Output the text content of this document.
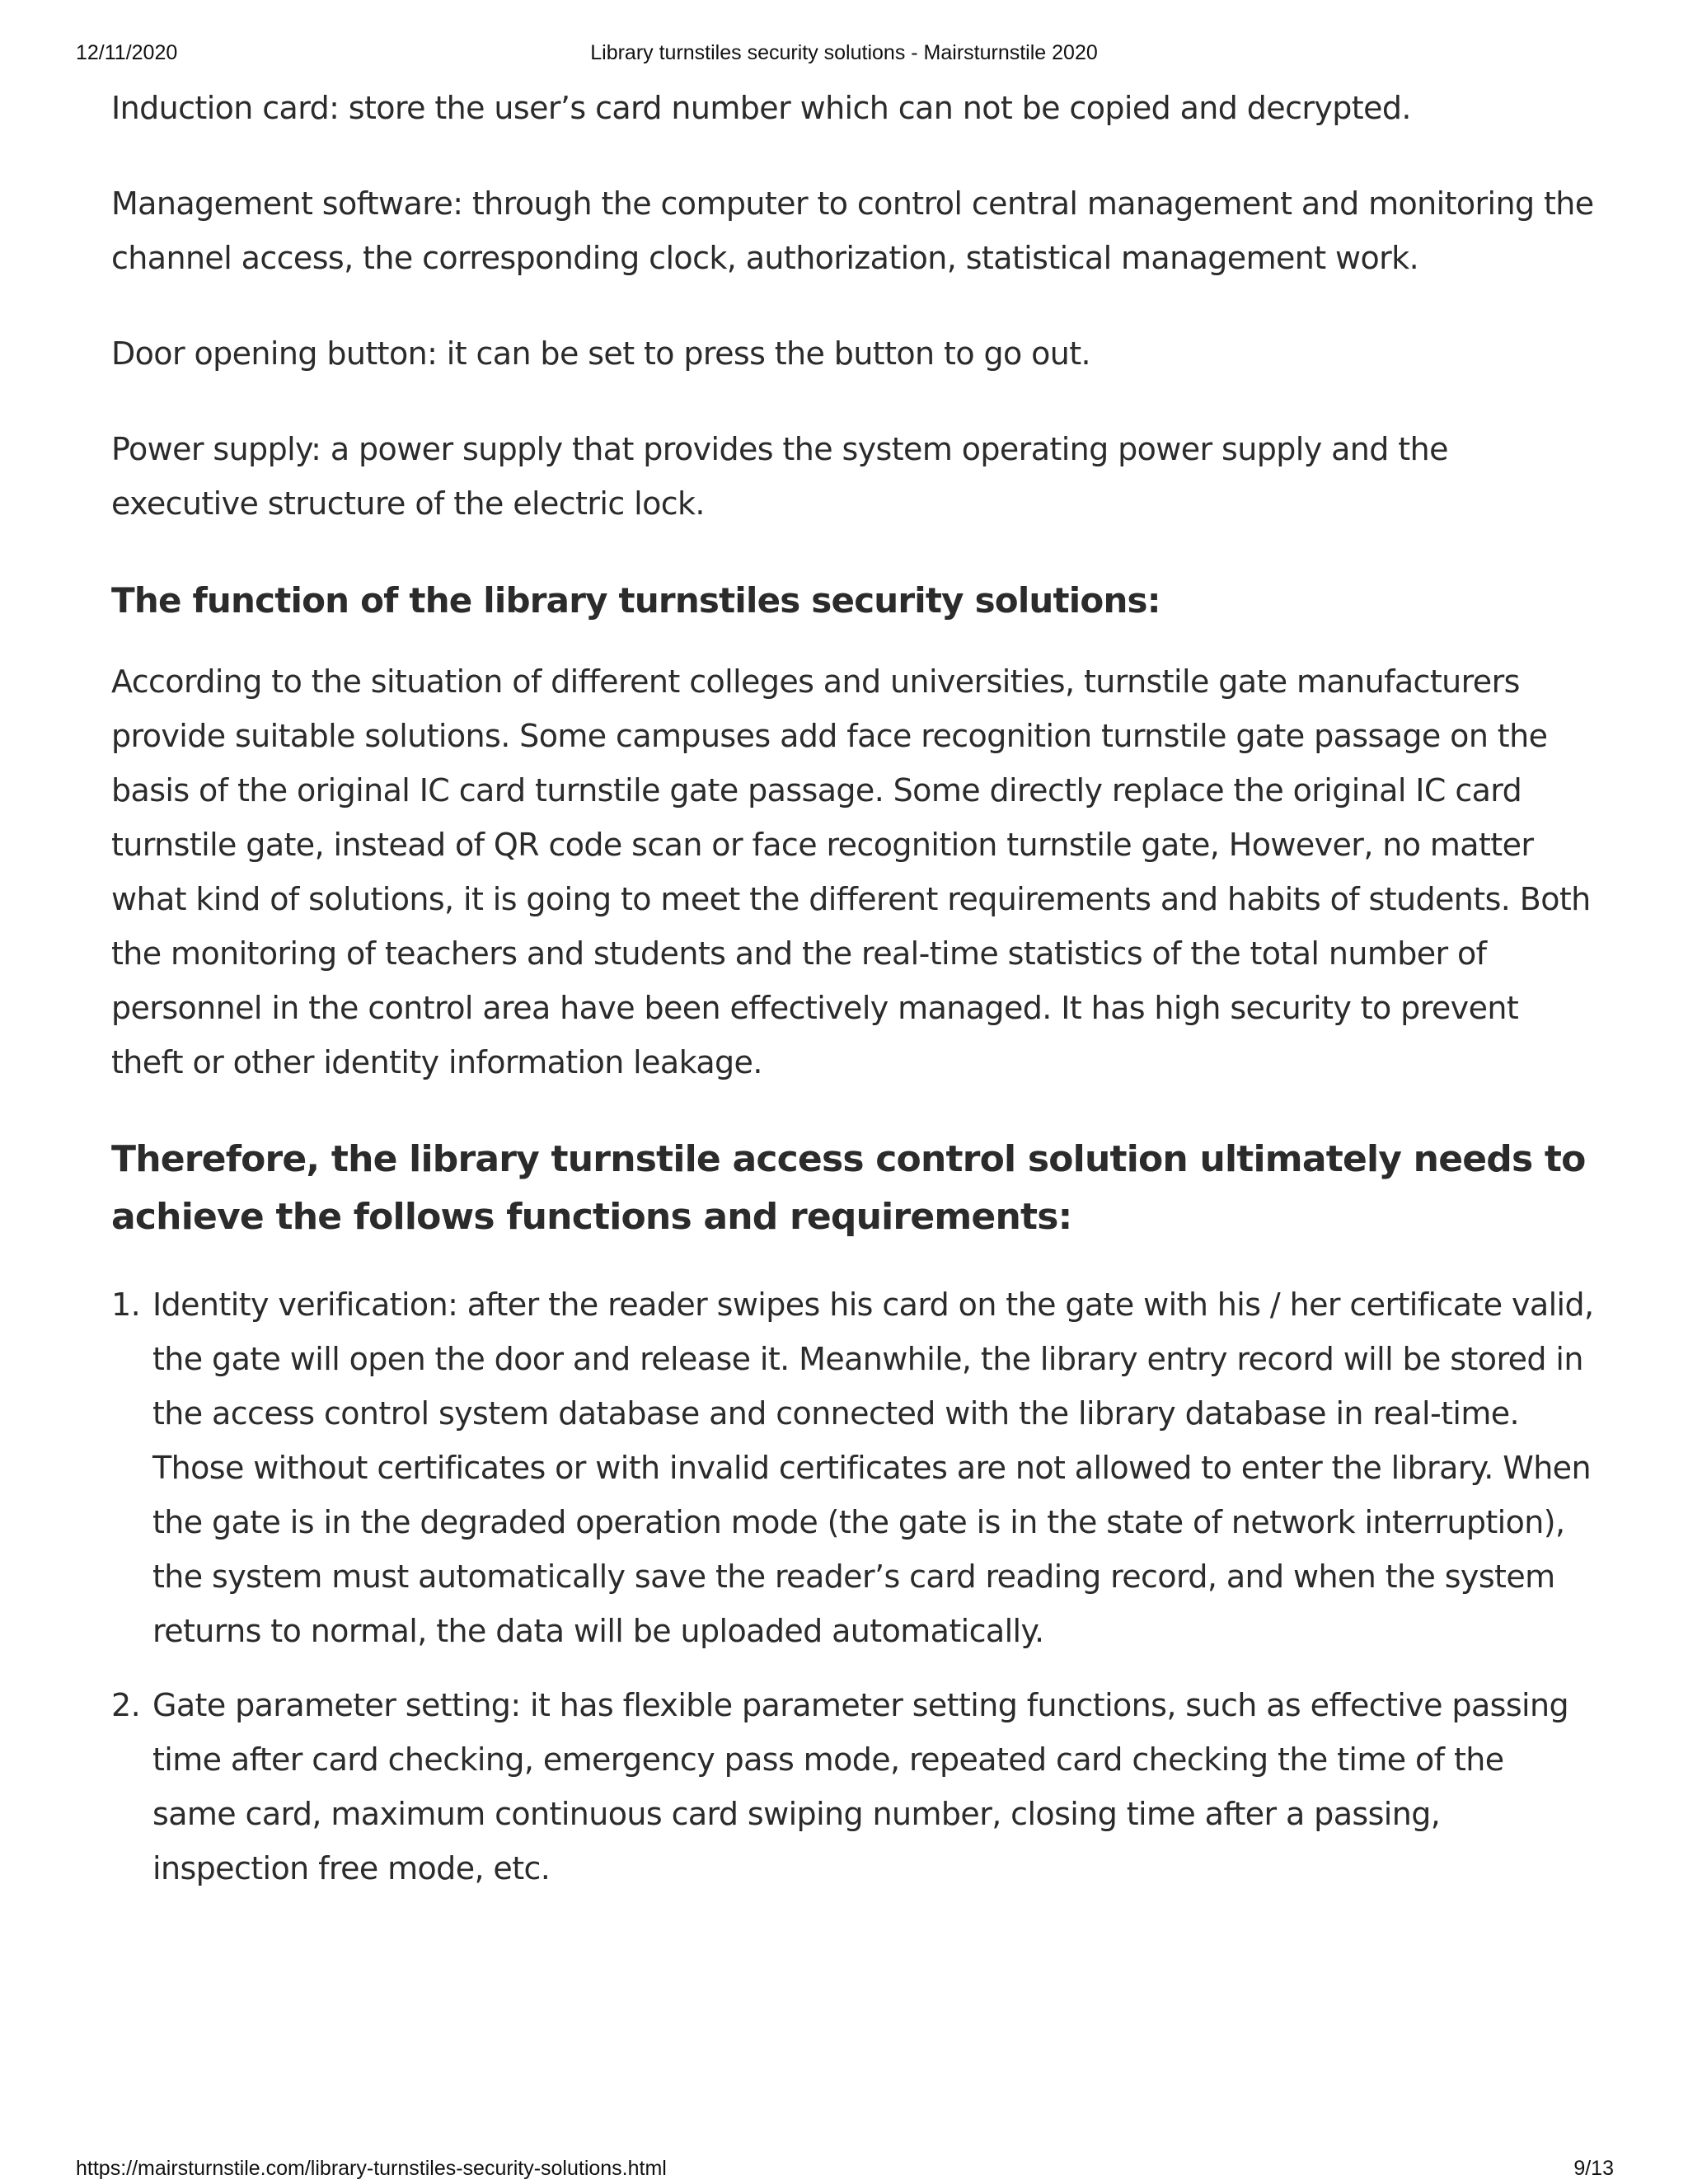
12/11/2020	Library turnstiles security solutions - Mairsturnstile 2020

Induction card: store the user’s card number which can not be copied and decrypted.

Management software: through the computer to control central management and monitoring the channel access, the corresponding clock, authorization, statistical management work.

Door opening button: it can be set to press the button to go out.

Power supply: a power supply that provides the system operating power supply and the executive structure of the electric lock.

The function of the library turnstiles security solutions:

According to the situation of different colleges and universities, turnstile gate manufacturers provide suitable solutions. Some campuses add face recognition turnstile gate passage on the basis of the original IC card turnstile gate passage. Some directly replace the original IC card turnstile gate, instead of QR code scan or face recognition turnstile gate, However, no matter what kind of solutions, it is going to meet the different requirements and habits of students. Both the monitoring of teachers and students and the real-time statistics of the total number of personnel in the control area have been effectively managed. It has high security to prevent theft or other identity information leakage.

Therefore, the library turnstile access control solution ultimately needs to achieve the follows functions and requirements:
1. Identity verification: after the reader swipes his card on the gate with his / her certificate valid, the gate will open the door and release it. Meanwhile, the library entry record will be stored in the access control system database and connected with the library database in real-time. Those without certificates or with invalid certificates are not allowed to enter the library. When the gate is in the degraded operation mode (the gate is in the state of network interruption), the system must automatically save the reader’s card reading record, and when the system returns to normal, the data will be uploaded automatically.
2. Gate parameter setting: it has flexible parameter setting functions, such as effective passing time after card checking, emergency pass mode, repeated card checking the time of the same card, maximum continuous card swiping number, closing time after a passing, inspection free mode, etc.
https://mairsturnstile.com/library-turnstiles-security-solutions.html	9/13
